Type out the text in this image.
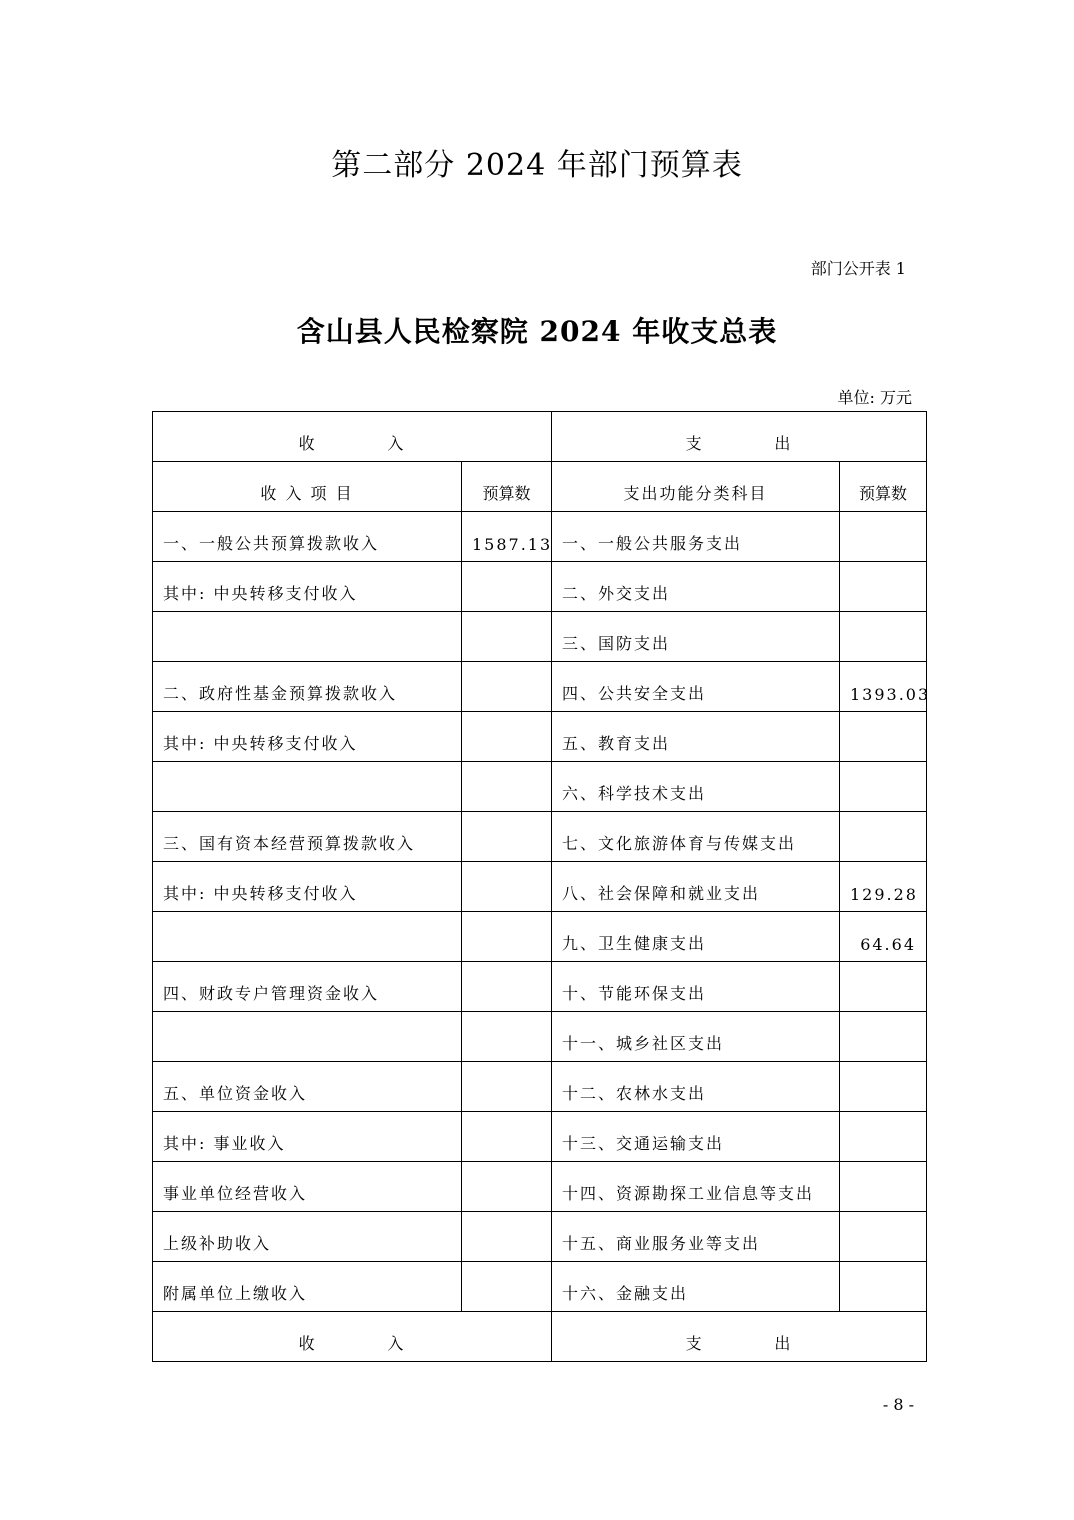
第二部分 2024 年部门预算表
部门公开表 1
含山县人民检察院 2024 年收支总表
单位: 万元
收          入		支          出	
收 入 项 目	预算数	支出功能分类科目	预算数
一、一般公共预算拨款收入	1587.13	一、一般公共服务支出	
其中: 中央转移支付收入		二、外交支出	
		三、国防支出	
二、政府性基金预算拨款收入		四、公共安全支出	1393.03
其中: 中央转移支付收入		五、教育支出	
		六、科学技术支出	
三、国有资本经营预算拨款收入		七、文化旅游体育与传媒支出	
其中: 中央转移支付收入		八、社会保障和就业支出	129.28
		九、卫生健康支出	64.64
四、财政专户管理资金收入		十、节能环保支出	
		十一、城乡社区支出	
五、单位资金收入		十二、农林水支出	
其中: 事业收入		十三、交通运输支出	
事业单位经营收入		十四、资源勘探工业信息等支出	
上级补助收入		十五、商业服务业等支出	
附属单位上缴收入		十六、金融支出	
收          入		支          出	
- 8 -
